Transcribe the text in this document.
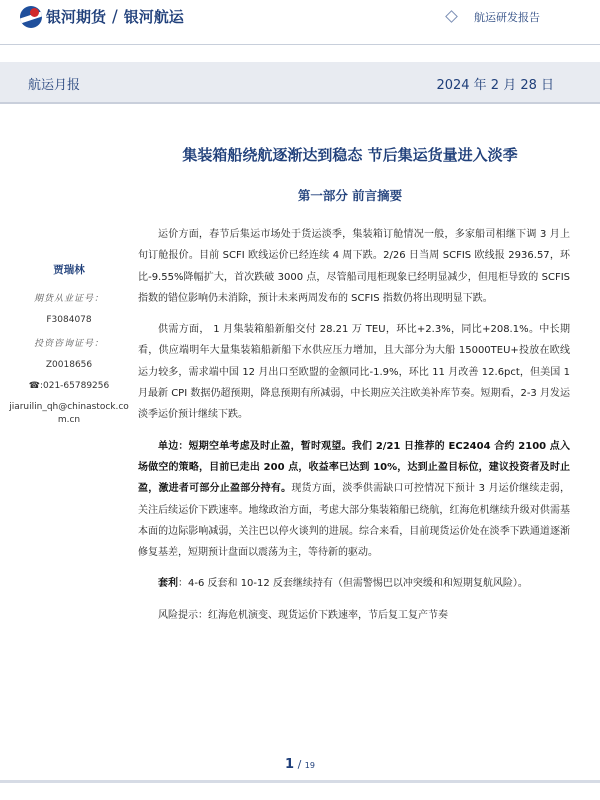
银河期货 / 银河航运	航运研发报告
航运月报	2024 年 2 月 28 日
集装箱船绕航逐渐达到稳态 节后集运货量进入淡季
第一部分 前言摘要
贾瑞林
期货从业证号：
F3084078
投资咨询证号：
Z0018656
☎:021-65789256
jiaruilin_qh@chinastock.com.cn

运价方面，春节后集运市场处于货运淡季，集装箱订舱情况一般，多家船司相继下调 3 月上旬订舱报价。目前 SCFI 欧线运价已经连续 4 周下跌。2/26 日当周 SCFIS 欧线报 2936.57，环比-9.55%降幅扩大，首次跌破 3000 点，尽管船司甩柜现象已经明显减少，但甩柜导致的 SCFIS 指数的错位影响仍未消除，预计未来两周发布的 SCFIS 指数仍将出现明显下跌。

供需方面， 1 月集装箱船新船交付 28.21 万 TEU，环比+2.3%，同比+208.1%。中长期看，供应端明年大量集装箱船新船下水供应压力增加，且大部分为大船 15000TEU+投放在欧线运力较多，需求端中国 12 月出口至欧盟的金额同比-1.9%，环比 11 月改善 12.6pct，但美国 1 月最新 CPI 数据仍超预期，降息预期有所减弱，中长期应关注欧美补库节奏。短期看，2-3 月发运淡季运价预计继续下跌。

单边：短期空单考虑及时止盈，暂时观望。我们 2/21 日推荐的 EC2404 合约 2100 点入场做空的策略，目前已走出 200 点，收益率已达到 10%，达到止盈目标位，建议投资者及时止盈，激进者可部分止盈部分持有。现货方面，淡季供需缺口可控情况下预计 3 月运价继续走弱，关注后续运价下跌速率。地缘政治方面，考虑大部分集装箱船已绕航，红海危机继续升级对供需基本面的边际影响减弱，关注巴以停火谈判的进展。综合来看，目前现货运价处在淡季下跌通道逐渐修复基差，短期预计盘面以震荡为主，等待新的驱动。

套利：4-6 反套和 10-12 反套继续持有（但需警惕巴以冲突缓和和短期复航风险）。

风险提示：红海危机演变、现货运价下跌速率，节后复工复产节奏

1 / 19
